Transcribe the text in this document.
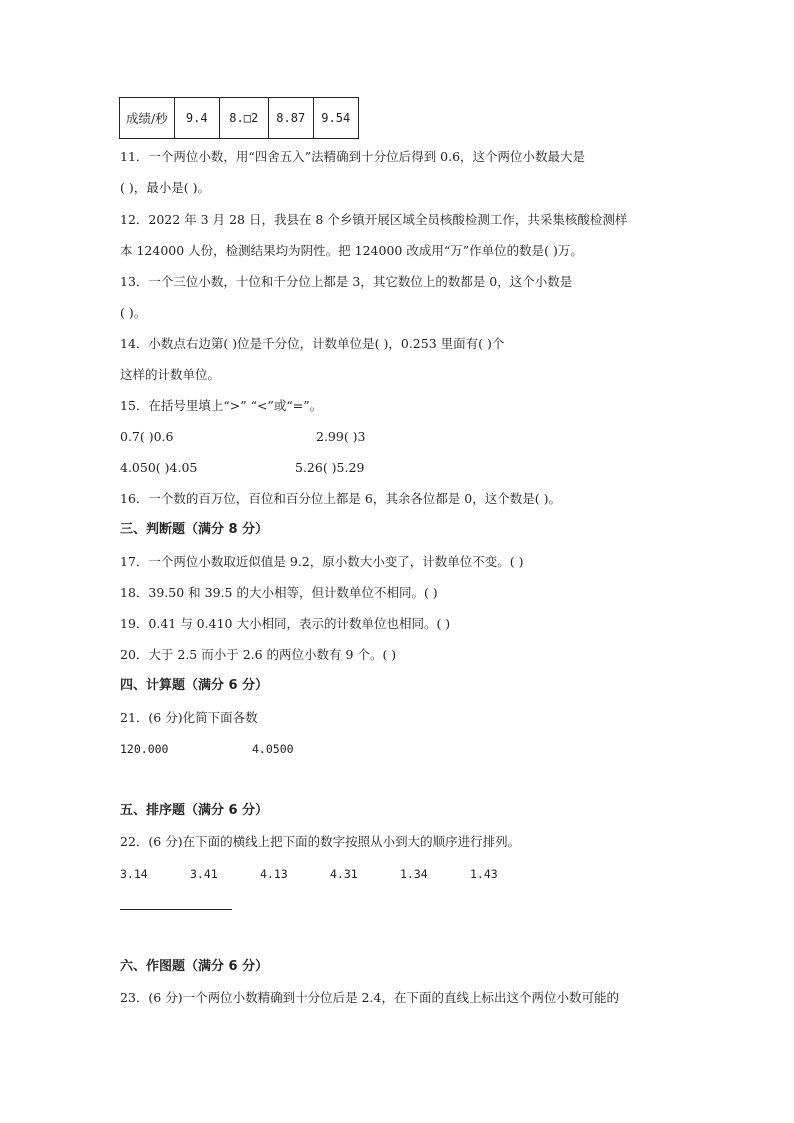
成绩/秒	9.4	8.□2	8.87	9.54
11．一个两位小数，用“四舍五入”法精确到十分位后得到 0.6，这个两位小数最大是
( )，最小是( )。
12．2022 年 3 月 28 日，我县在 8 个乡镇开展区域全员核酸检测工作，共采集核酸检测样
本 124000 人份，检测结果均为阴性。把 124000 改成用“万”作单位的数是( )万。
13．一个三位小数，十位和千分位上都是 3，其它数位上的数都是 0，这个小数是
( )。
14．小数点右边第( )位是千分位，计数单位是( )，0.253 里面有( )个
这样的计数单位。
15．在括号里填上“>” “<”或“=”。
0.7( )0.6	2.99( )3
4.050( )4.05	5.26( )5.29
16．一个数的百万位，百位和百分位上都是 6，其余各位都是 0，这个数是( )。
三、判断题（满分 8 分）
17．一个两位小数取近似值是 9.2，原小数大小变了，计数单位不变。( )
18．39.50 和 39.5 的大小相等，但计数单位不相同。( )
19．0.41 与 0.410 大小相同，表示的计数单位也相同。( )
20．大于 2.5 而小于 2.6 的两位小数有 9 个。( )
四、计算题（满分 6 分）
21．(6 分)化简下面各数
120.000	4.0500
五、排序题（满分 6 分）
22．(6 分)在下面的横线上把下面的数字按照从小到大的顺序进行排列。
3.14	3.41	4.13	4.31	1.34	1.43
六、作图题（满分 6 分）
23．(6 分)一个两位小数精确到十分位后是 2.4，在下面的直线上标出这个两位小数可能的
